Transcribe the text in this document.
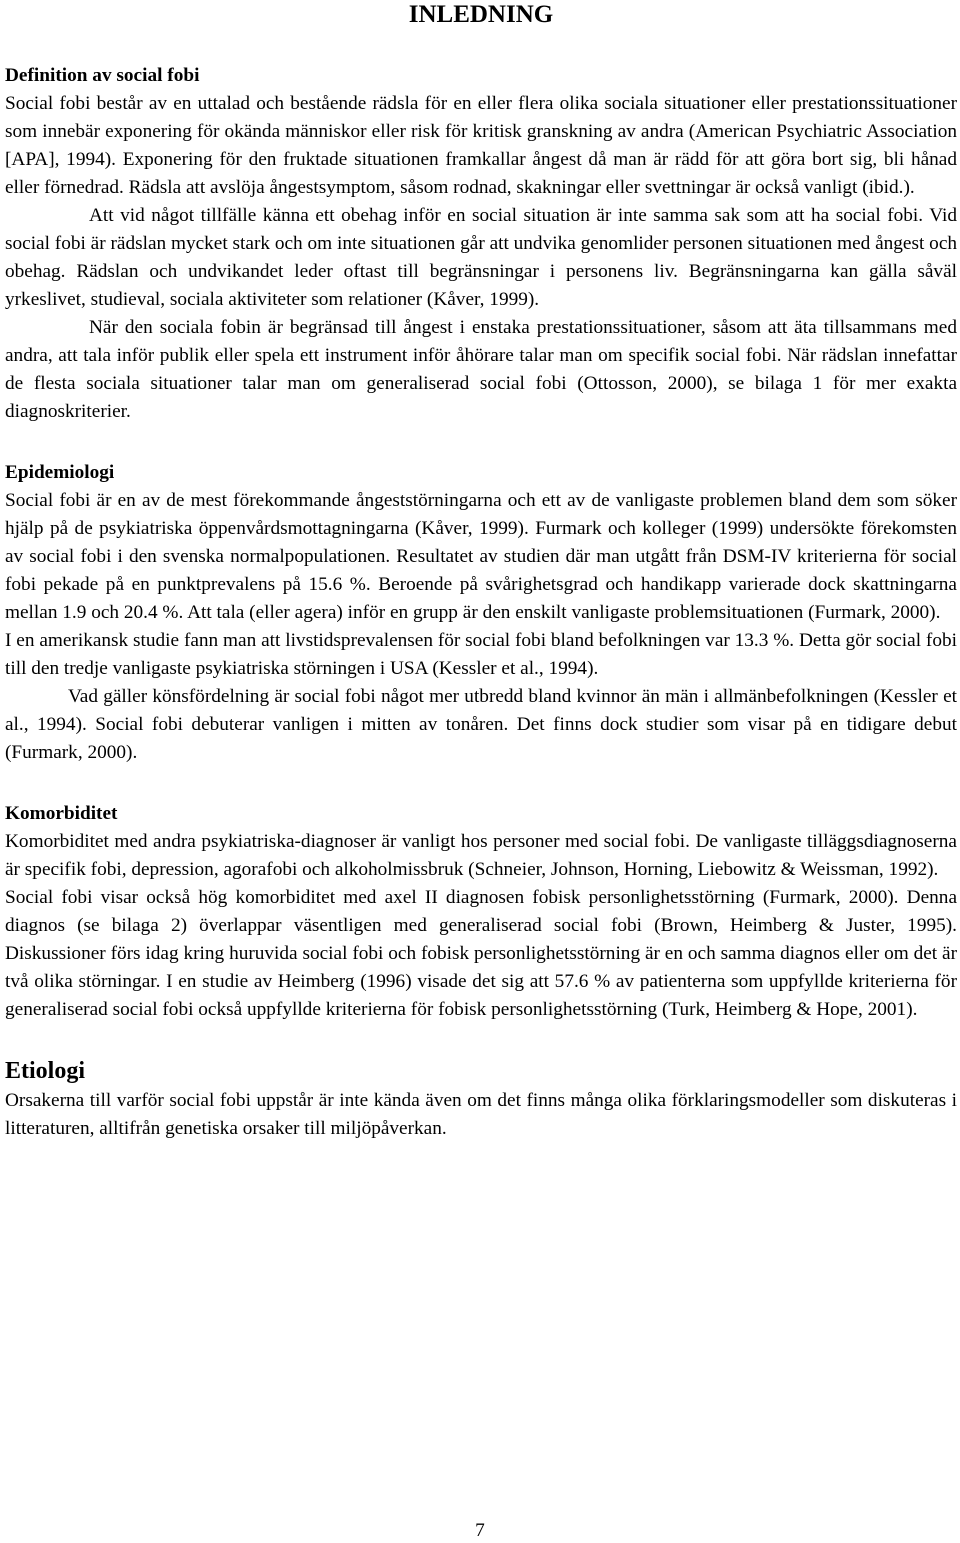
INLEDNING
Definition av social fobi

Social fobi består av en uttalad och bestående rädsla för en eller flera olika sociala situationer eller prestationssituationer som innebär exponering för okända människor eller risk för kritisk granskning av andra (American Psychiatric Association [APA], 1994). Exponering för den fruktade situationen framkallar ångest då man är rädd för att göra bort sig, bli hånad eller förnedrad. Rädsla att avslöja ångestsymptom, såsom rodnad, skakningar eller svettningar är också vanligt (ibid.).

Att vid något tillfälle känna ett obehag inför en social situation är inte samma sak som att ha social fobi. Vid social fobi är rädslan mycket stark och om inte situationen går att undvika genomlider personen situationen med ångest och obehag. Rädslan och undvikandet leder oftast till begränsningar i personens liv. Begränsningarna kan gälla såväl yrkeslivet, studieval, sociala aktiviteter som relationer (Kåver, 1999).

När den sociala fobin är begränsad till ångest i enstaka prestationssituationer, såsom att äta tillsammans med andra, att tala inför publik eller spela ett instrument inför åhörare talar man om specifik social fobi. När rädslan innefattar de flesta sociala situationer talar man om generaliserad social fobi (Ottosson, 2000), se bilaga 1 för mer exakta diagnoskriterier.

Epidemiologi

Social fobi är en av de mest förekommande ångeststörningarna och ett av de vanligaste problemen bland dem som söker hjälp på de psykiatriska öppenvårdsmottagningarna (Kåver, 1999). Furmark och kolleger (1999) undersökte förekomsten av social fobi i den svenska normalpopulationen. Resultatet av studien där man utgått från DSM-IV kriterierna för social fobi pekade på en punktprevalens på 15.6 %. Beroende på svårighetsgrad och handikapp varierade dock skattningarna mellan 1.9 och 20.4 %. Att tala (eller agera) inför en grupp är den enskilt vanligaste problemsituationen (Furmark, 2000).

I en amerikansk studie fann man att livstidsprevalensen för social fobi bland befolkningen var 13.3 %. Detta gör social fobi till den tredje vanligaste psykiatriska störningen i USA (Kessler et al., 1994).

Vad gäller könsfördelning är social fobi något mer utbredd bland kvinnor än män i allmänbefolkningen (Kessler et al., 1994). Social fobi debuterar vanligen i mitten av tonåren. Det finns dock studier som visar på en tidigare debut (Furmark, 2000).

Komorbiditet

Komorbiditet med andra psykiatriska-diagnoser är vanligt hos personer med social fobi. De vanligaste tilläggsdiagnoserna är specifik fobi, depression, agorafobi och alkoholmissbruk (Schneier, Johnson, Horning, Liebowitz & Weissman, 1992).

Social fobi visar också hög komorbiditet med axel II diagnosen fobisk personlighetsstörning (Furmark, 2000). Denna diagnos (se bilaga 2) överlappar väsentligen med generaliserad social fobi (Brown, Heimberg & Juster, 1995). Diskussioner förs idag kring huruvida social fobi och fobisk personlighetsstörning är en och samma diagnos eller om det är två olika störningar. I en studie av Heimberg (1996) visade det sig att 57.6 % av patienterna som uppfyllde kriterierna för generaliserad social fobi också uppfyllde kriterierna för fobisk personlighetsstörning (Turk, Heimberg & Hope, 2001).

Etiologi

Orsakerna till varför social fobi uppstår är inte kända även om det finns många olika förklaringsmodeller som diskuteras i litteraturen, alltifrån genetiska orsaker till miljöpåverkan.

7
